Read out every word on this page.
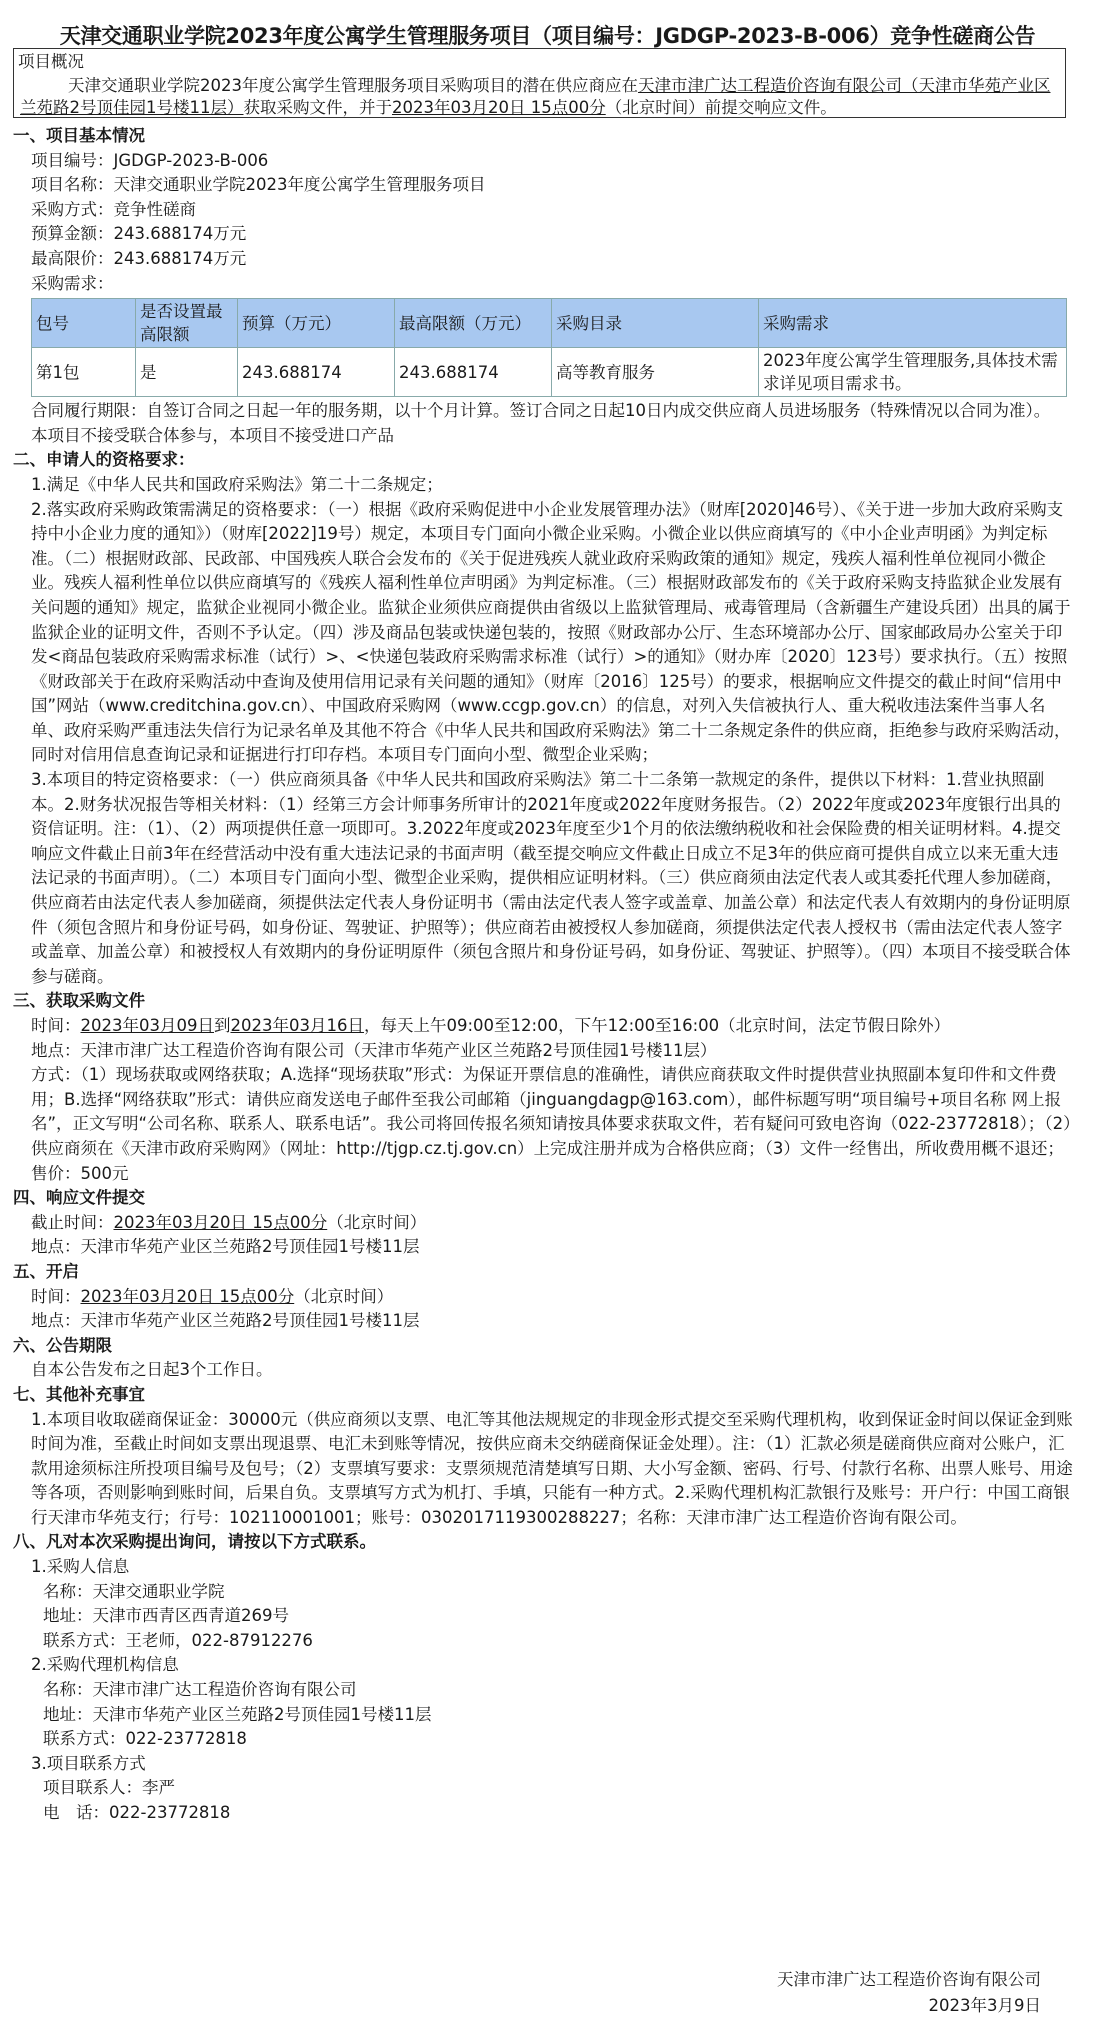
天津交通职业学院2023年度公寓学生管理服务项目（项目编号：JGDGP-2023-B-006）竞争性磋商公告
项目概况
天津交通职业学院2023年度公寓学生管理服务项目采购项目的潜在供应商应在天津市津广达工程造价咨询有限公司（天津市华苑产业区兰苑路2号顶佳园1号楼11层）获取采购文件，并于2023年03月20日 15点00分（北京时间）前提交响应文件。
一、项目基本情况
项目编号：JGDGP-2023-B-006
项目名称：天津交通职业学院2023年度公寓学生管理服务项目
采购方式：竞争性磋商
预算金额：243.688174万元
最高限价：243.688174万元
采购需求：
包号	是否设置最高限额	预算（万元）	最高限额（万元）	采购目录	采购需求
第1包	是	243.688174	243.688174	高等教育服务	2023年度公寓学生管理服务,具体技术需求详见项目需求书。
合同履行期限：自签订合同之日起一年的服务期，以十个月计算。签订合同之日起10日内成交供应商人员进场服务（特殊情况以合同为准）。
本项目不接受联合体参与，本项目不接受进口产品
二、申请人的资格要求：
1.满足《中华人民共和国政府采购法》第二十二条规定；
2.落实政府采购政策需满足的资格要求：（一）根据《政府采购促进中小企业发展管理办法》（财库[2020]46号）、《关于进一步加大政府采购支持中小企业力度的通知》）（财库[2022]19号）规定，本项目专门面向小微企业采购。小微企业以供应商填写的《中小企业声明函》为判定标准。（二）根据财政部、民政部、中国残疾人联合会发布的《关于促进残疾人就业政府采购政策的通知》规定，残疾人福利性单位视同小微企业。残疾人福利性单位以供应商填写的《残疾人福利性单位声明函》为判定标准。（三）根据财政部发布的《关于政府采购支持监狱企业发展有关问题的通知》规定，监狱企业视同小微企业。监狱企业须供应商提供由省级以上监狱管理局、戒毒管理局（含新疆生产建设兵团）出具的属于监狱企业的证明文件，否则不予认定。（四）涉及商品包装或快递包装的，按照《财政部办公厅、生态环境部办公厅、国家邮政局办公室关于印发<商品包装政府采购需求标准（试行）>、<快递包装政府采购需求标准（试行）>的通知》（财办库〔2020〕123号）要求执行。（五）按照《财政部关于在政府采购活动中查询及使用信用记录有关问题的通知》（财库〔2016〕125号）的要求，根据响应文件提交的截止时间“信用中国”网站（www.creditchina.gov.cn）、中国政府采购网（www.ccgp.gov.cn）的信息，对列入失信被执行人、重大税收违法案件当事人名单、政府采购严重违法失信行为记录名单及其他不符合《中华人民共和国政府采购法》第二十二条规定条件的供应商，拒绝参与政府采购活动，同时对信用信息查询记录和证据进行打印存档。本项目专门面向小型、微型企业采购；
3.本项目的特定资格要求：（一）供应商须具备《中华人民共和国政府采购法》第二十二条第一款规定的条件，提供以下材料：1.营业执照副本。2.财务状况报告等相关材料：（1）经第三方会计师事务所审计的2021年度或2022年度财务报告。（2）2022年度或2023年度银行出具的资信证明。注：（1）、（2）两项提供任意一项即可。3.2022年度或2023年度至少1个月的依法缴纳税收和社会保险费的相关证明材料。4.提交响应文件截止日前3年在经营活动中没有重大违法记录的书面声明（截至提交响应文件截止日成立不足3年的供应商可提供自成立以来无重大违法记录的书面声明）。（二）本项目专门面向小型、微型企业采购，提供相应证明材料。（三）供应商须由法定代表人或其委托代理人参加磋商，供应商若由法定代表人参加磋商，须提供法定代表人身份证明书（需由法定代表人签字或盖章、加盖公章）和法定代表人有效期内的身份证明原件（须包含照片和身份证号码，如身份证、驾驶证、护照等）；供应商若由被授权人参加磋商，须提供法定代表人授权书（需由法定代表人签字或盖章、加盖公章）和被授权人有效期内的身份证明原件（须包含照片和身份证号码，如身份证、驾驶证、护照等）。（四）本项目不接受联合体参与磋商。
三、获取采购文件
时间：2023年03月09日到2023年03月16日，每天上午09:00至12:00，下午12:00至16:00（北京时间，法定节假日除外）
地点：天津市津广达工程造价咨询有限公司（天津市华苑产业区兰苑路2号顶佳园1号楼11层）
方式：（1）现场获取或网络获取；A.选择“现场获取”形式：为保证开票信息的准确性，请供应商获取文件时提供营业执照副本复印件和文件费用；B.选择“网络获取”形式：请供应商发送电子邮件至我公司邮箱（jinguangdagp@163.com），邮件标题写明“项目编号+项目名称 网上报名”，正文写明“公司名称、联系人、联系电话”。我公司将回传报名须知请按具体要求获取文件，若有疑问可致电咨询（022-23772818）；（2）供应商须在《天津市政府采购网》（网址：http://tjgp.cz.tj.gov.cn）上完成注册并成为合格供应商；（3）文件一经售出，所收费用概不退还；
售价：500元
四、响应文件提交
截止时间：2023年03月20日 15点00分（北京时间）
地点：天津市华苑产业区兰苑路2号顶佳园1号楼11层
五、开启
时间：2023年03月20日 15点00分（北京时间）
地点：天津市华苑产业区兰苑路2号顶佳园1号楼11层
六、公告期限
自本公告发布之日起3个工作日。
七、其他补充事宜
1.本项目收取磋商保证金：30000元（供应商须以支票、电汇等其他法规规定的非现金形式提交至采购代理机构，收到保证金时间以保证金到账时间为准，至截止时间如支票出现退票、电汇未到账等情况，按供应商未交纳磋商保证金处理）。注：（1）汇款必须是磋商供应商对公账户，汇款用途须标注所投项目编号及包号；（2）支票填写要求：支票须规范清楚填写日期、大小写金额、密码、行号、付款行名称、出票人账号、用途等各项，否则影响到账时间，后果自负。支票填写方式为机打、手填，只能有一种方式。2.采购代理机构汇款银行及账号：开户行：中国工商银行天津市华苑支行；行号：102110001001；账号：0302017119300288227；名称：天津市津广达工程造价咨询有限公司。
八、凡对本次采购提出询问，请按以下方式联系。
1.采购人信息
名称：天津交通职业学院
地址：天津市西青区西青道269号
联系方式：王老师，022-87912276
2.采购代理机构信息
名称：天津市津广达工程造价咨询有限公司
地址：天津市华苑产业区兰苑路2号顶佳园1号楼11层
联系方式：022-23772818
3.项目联系方式
项目联系人：李严
电　话：022-23772818
天津市津广达工程造价咨询有限公司
2023年3月9日
